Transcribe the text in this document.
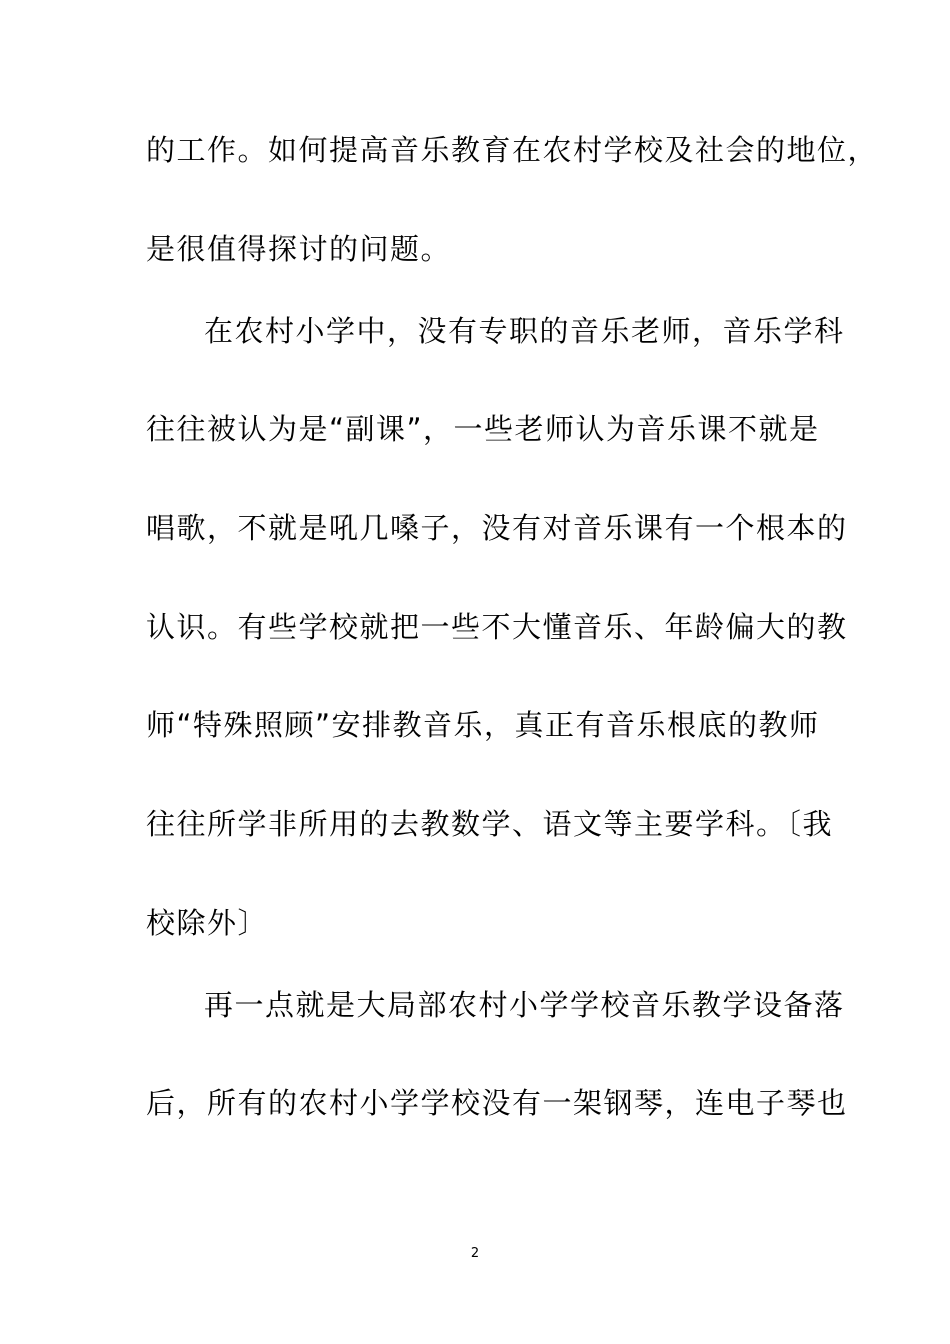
的工作。如何提高音乐教育在农村学校及社会的地位，
是很值得探讨的问题。
在农村小学中，没有专职的音乐老师，音乐学科
往往被认为是“副课”，一些老师认为音乐课不就是
唱歌，不就是吼几嗓子，没有对音乐课有一个根本的
认识。有些学校就把一些不大懂音乐、年龄偏大的教
师“特殊照顾”安排教音乐，真正有音乐根底的教师
往往所学非所用的去教数学、语文等主要学科。〔我
校除外〕
再一点就是大局部农村小学学校音乐教学设备落
后，所有的农村小学学校没有一架钢琴，连电子琴也
2
